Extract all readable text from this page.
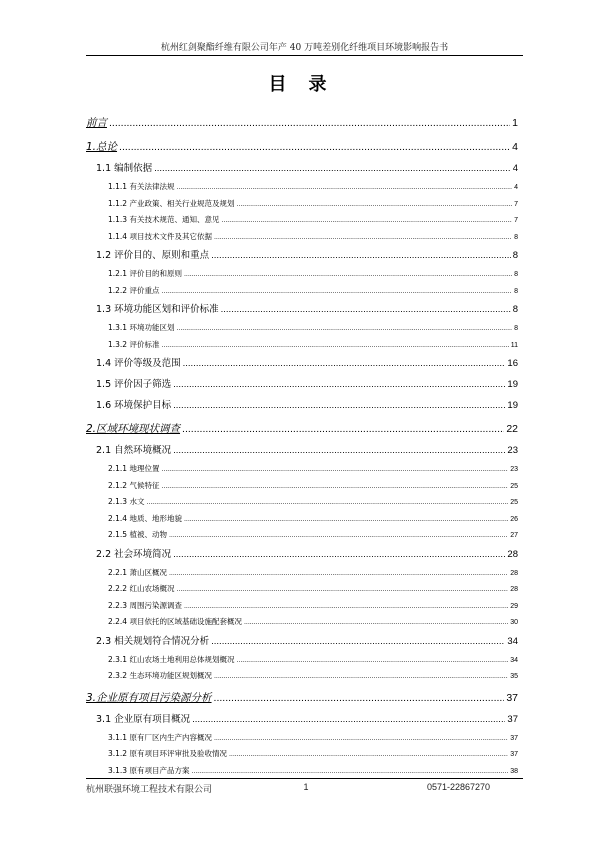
杭州红剑聚酯纤维有限公司年产 40 万吨差别化纤维项目环境影响报告书
目录
前言 .....	1
1.总论 .....	4
1.1 编制依据 .....	4
1.1.1 有关法律法规 .....	4
1.1.2 产业政策、相关行业规范及规划 .....	7
1.1.3 有关技术规范、通知、意见 .....	7
1.1.4 项目技术文件及其它依据 .....	8
1.2 评价目的、原则和重点 .....	8
1.2.1 评价目的和原则 .....	8
1.2.2 评价重点 .....	8
1.3 环境功能区划和评价标准 .....	8
1.3.1 环境功能区划 .....	8
1.3.2 评价标准 .....	11
1.4 评价等级及范围 .....	16
1.5 评价因子筛选 .....	19
1.6 环境保护目标 .....	19
2.区域环境现状调查 .....	22
2.1 自然环境概况 .....	23
2.1.1 地理位置 .....	23
2.1.2 气候特征 .....	25
2.1.3 水文 .....	25
2.1.4 地质、地形地貌 .....	26
2.1.5 植被、动物 .....	27
2.2 社会环境简况 .....	28
2.2.1 萧山区概况 .....	28
2.2.2 红山农场概况 .....	28
2.2.3 周围污染源调查 .....	29
2.2.4 项目依托的区域基础设施配套概况 .....	30
2.3 相关规划符合情况分析 .....	34
2.3.1 红山农场土地利用总体规划概况 .....	34
2.3.2 生态环境功能区规划概况 .....	35
3.企业原有项目污染源分析 .....	37
3.1 企业原有项目概况 .....	37
3.1.1 原有厂区内生产内容概况 .....	37
3.1.2 原有项目环评审批及验收情况 .....	37
3.1.3 原有项目产品方案 .....	38
杭州联强环境工程技术有限公司	1	0571-22867270
